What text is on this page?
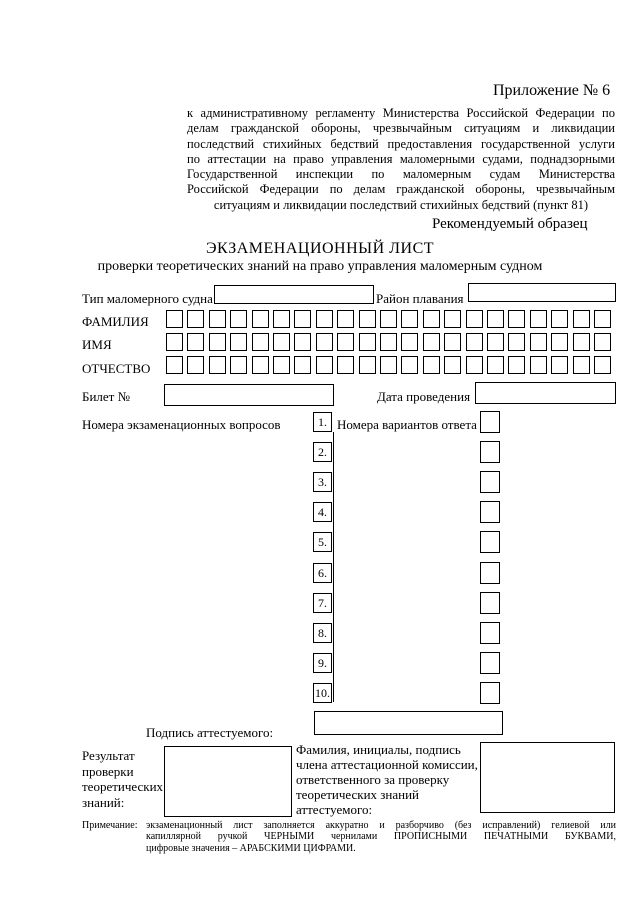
Приложение № 6
к административному регламенту Министерства Российской Федерации по
делам гражданской обороны, чрезвычайным ситуациям и ликвидации
последствий стихийных бедствий предоставления государственной услуги
по аттестации на право управления маломерными судами, поднадзорными
Государственной инспекции по маломерным судам Министерства
Российской Федерации по делам гражданской обороны, чрезвычайным
ситуациям и ликвидации последствий стихийных бедствий (пункт 81)
Рекомендуемый образец
ЭКЗАМЕНАЦИОННЫЙ ЛИСТ
проверки теоретических знаний на право управления маломерным судном
Тип маломерного судна	Район плавания
ФАМИЛИЯ
ИМЯ
ОТЧЕСТВО
Билет №	Дата проведения
Номера экзаменационных вопросов	Номера вариантов ответа
1.
2.
3.
4.
5.
6.
7.
8.
9.
10.
Подпись аттестуемого:
Результат
проверки
теоретических
знаний:
Фамилия, инициалы, подпись
члена аттестационной комиссии,
ответственного за проверку
теоретических знаний
аттестуемого:
Примечание: экзаменационный лист заполняется аккуратно и разборчиво (без исправлений) гелиевой или
капиллярной ручкой ЧЕРНЫМИ чернилами ПРОПИСНЫМИ ПЕЧАТНЫМИ БУКВАМИ,
цифровые значения – АРАБСКИМИ ЦИФРАМИ.
